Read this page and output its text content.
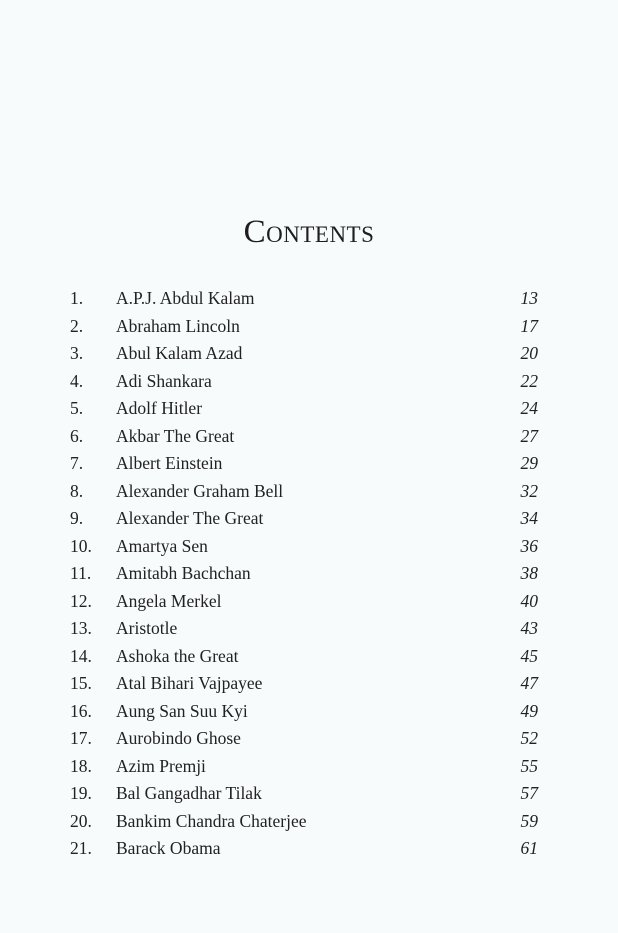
Contents
1. A.P.J. Abdul Kalam	13
2. Abraham Lincoln	17
3. Abul Kalam Azad	20
4. Adi Shankara	22
5. Adolf Hitler	24
6. Akbar The Great	27
7. Albert Einstein	29
8. Alexander Graham Bell	32
9. Alexander The Great	34
10. Amartya Sen	36
11. Amitabh Bachchan	38
12. Angela Merkel	40
13. Aristotle	43
14. Ashoka the Great	45
15. Atal Bihari Vajpayee	47
16. Aung San Suu Kyi	49
17. Aurobindo Ghose	52
18. Azim Premji	55
19. Bal Gangadhar Tilak	57
20. Bankim Chandra Chaterjee	59
21. Barack Obama	61
